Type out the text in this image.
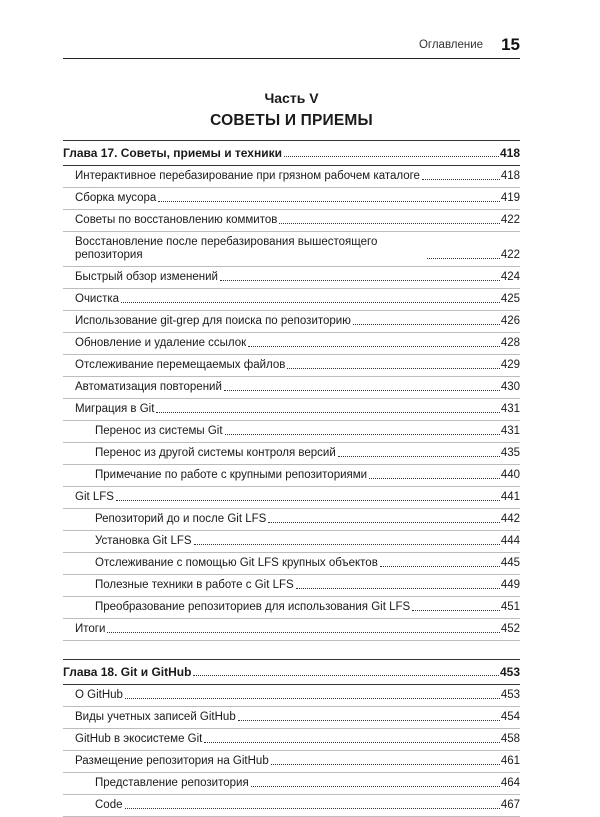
Оглавление 15
Часть V
СОВЕТЫ И ПРИЕМЫ
Глава 17. Советы, приемы и техники	418
Интерактивное перебазирование при грязном рабочем каталоге	418
Сборка мусора	419
Советы по восстановлению коммитов	422
Восстановление после перебазирования вышестоящего репозитория	422
Быстрый обзор изменений	424
Очистка	425
Использование git-grep для поиска по репозиторию	426
Обновление и удаление ссылок	428
Отслеживание перемещаемых файлов	429
Автоматизация повторений	430
Миграция в Git	431
Перенос из системы Git	431
Перенос из другой системы контроля версий	435
Примечание по работе с крупными репозиториями	440
Git LFS	441
Репозиторий до и после Git LFS	442
Установка Git LFS	444
Отслеживание с помощью Git LFS крупных объектов	445
Полезные техники в работе с Git LFS	449
Преобразование репозиториев для использования Git LFS	451
Итоги	452
Глава 18. Git и GitHub	453
О GitHub	453
Виды учетных записей GitHub	454
GitHub в экосистеме Git	458
Размещение репозитория на GitHub	461
Представление репозитория	464
Code	467
